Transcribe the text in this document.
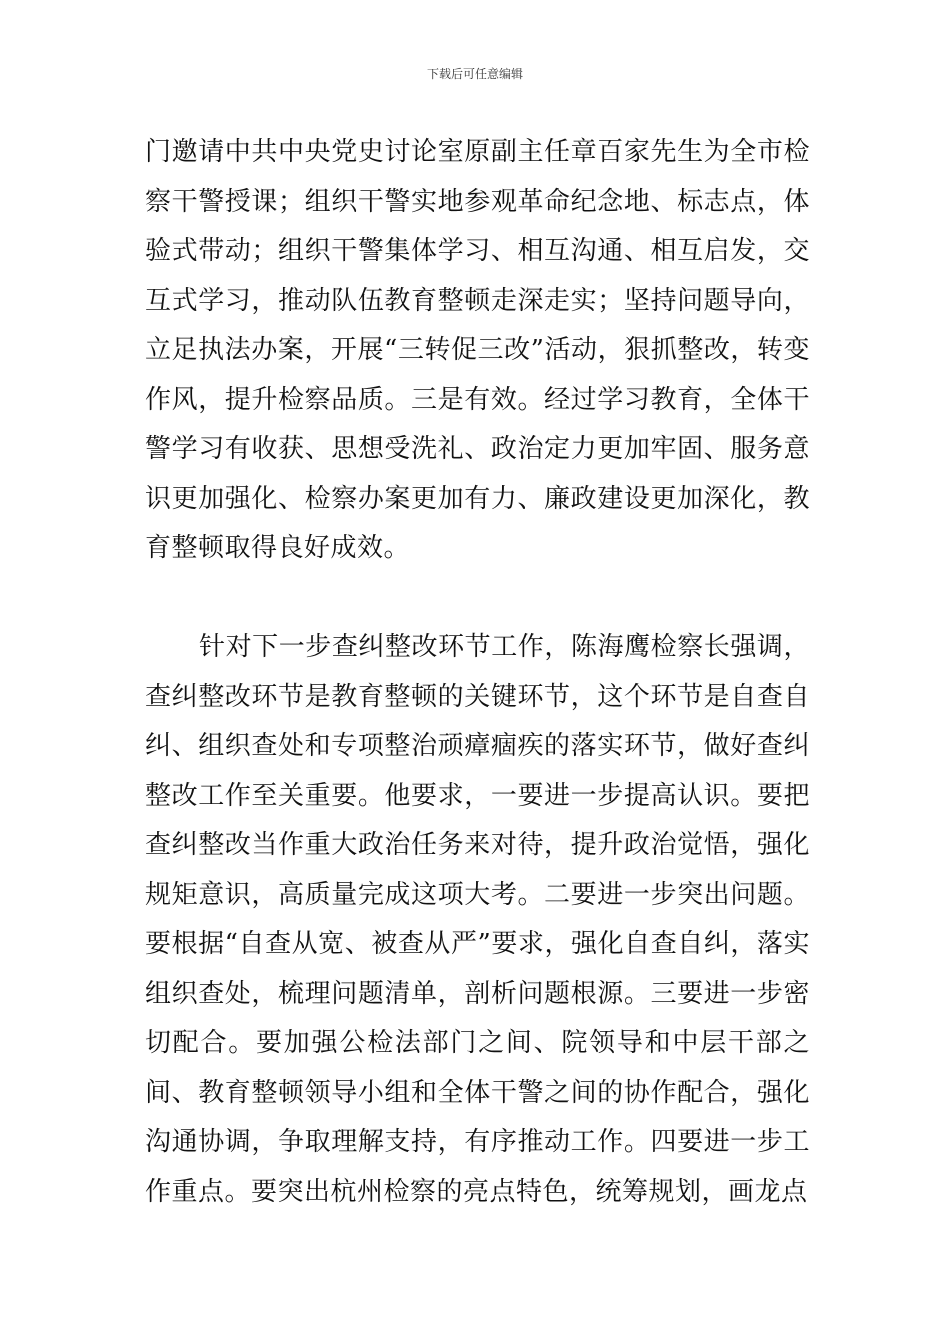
下载后可任意编辑

门邀请中共中央党史讨论室原副主任章百家先生为全市检察干警授课；组织干警实地参观革命纪念地、标志点，体验式带动；组织干警集体学习、相互沟通、相互启发，交互式学习，推动队伍教育整顿走深走实；坚持问题导向，立足执法办案，开展“三转促三改”活动，狠抓整改，转变作风，提升检察品质。三是有效。经过学习教育，全体干警学习有收获、思想受洗礼、政治定力更加牢固、服务意识更加强化、检察办案更加有力、廉政建设更加深化，教育整顿取得良好成效。

针对下一步查纠整改环节工作，陈海鹰检察长强调，查纠整改环节是教育整顿的关键环节，这个环节是自查自纠、组织查处和专项整治顽瘴痼疾的落实环节，做好查纠整改工作至关重要。他要求，一要进一步提高认识。要把查纠整改当作重大政治任务来对待，提升政治觉悟，强化规矩意识，高质量完成这项大考。二要进一步突出问题。要根据“自查从宽、被查从严”要求，强化自查自纠，落实组织查处，梳理问题清单，剖析问题根源。三要进一步密切配合。要加强公检法部门之间、院领导和中层干部之间、教育整顿领导小组和全体干警之间的协作配合，强化沟通协调，争取理解支持，有序推动工作。四要进一步工作重点。要突出杭州检察的亮点特色，统筹规划，画龙点
